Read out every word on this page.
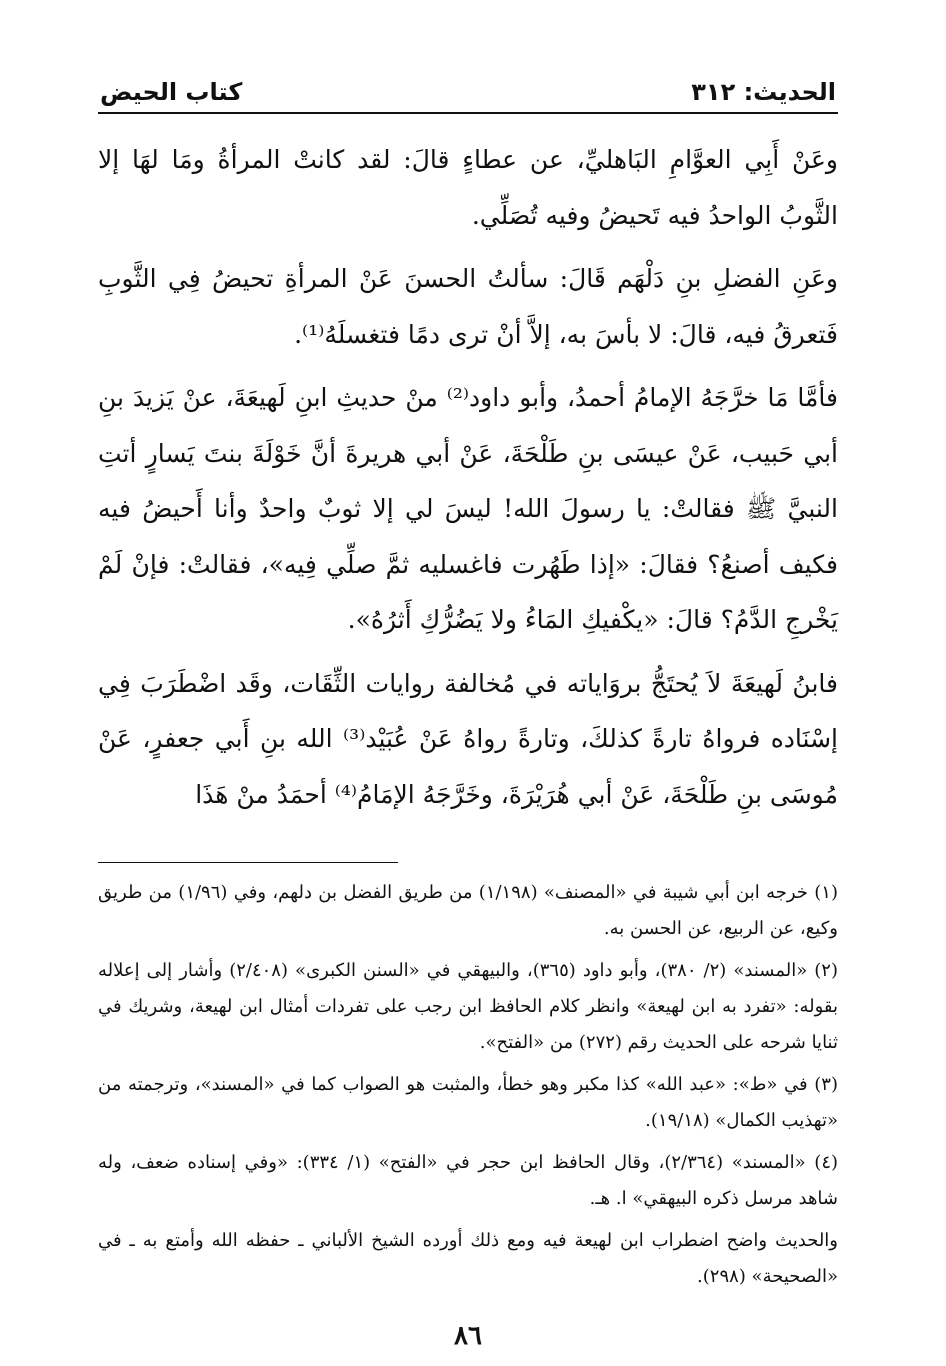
الحديث: ٣١٢
كتاب الحيض

وعَنْ أَبِي العوَّامِ البَاهليِّ، عن عطاءٍ قالَ: لقد كانتْ المرأةُ ومَا لهَا إلا الثَّوبُ الواحدُ فيه تَحيضُ وفيه تُصَلِّي.

وعَنِ الفضلِ بنِ دَلْهَم قَالَ: سألتُ الحسنَ عَنْ المرأةِ تحيضُ فِي الثَّوبِ فَتعرقُ فيه، قالَ: لا بأسَ به، إلاَّ أنْ ترى دمًا فتغسلَهُ⁽¹⁾.

فأمَّا مَا خرَّجَهُ الإمامُ أحمدُ، وأبو داود⁽²⁾ منْ حديثِ ابنِ لَهيعَةَ، عنْ يَزيدَ بنِ أبي حَبيب، عَنْ عيسَى بنِ طَلْحَةَ، عَنْ أبي هريرةَ أنَّ خَوْلَةَ بنتَ يَسارٍ أتتِ النبيَّ ﷺ فقالتْ: يا رسولَ الله! ليسَ لي إلا ثوبٌ واحدٌ وأنا أَحيضُ فيه فكيف أصنعُ؟ فقالَ: «إذا طَهُرت فاغسليه ثمَّ صلِّي فِيه»، فقالتْ: فإنْ لَمْ يَخْرجِ الدَّمُ؟ قالَ: «يكْفيكِ المَاءُ ولا يَضُرُّكِ أَثرُهُ».

فابنُ لَهيعَةَ لاَ يُحتَجُّ بروَاياته في مُخالفة روايات الثِّقَات، وقَد اضْطَرَبَ فِي إسْنَاده فرواهُ تارةً كذلكَ، وتارةً رواهُ عَنْ عُبَيْد⁽³⁾ الله بنِ أَبي جعفرٍ، عَنْ مُوسَى بنِ طَلْحَةَ، عَنْ أبي هُرَيْرَةَ، وخَرَّجَهُ الإمَامُ⁽⁴⁾ أحمَدُ منْ هَذَا

(١) خرجه ابن أبي شيبة في «المصنف» (١/١٩٨) من طريق الفضل بن دلهم، وفي (١/٩٦) من طريق وكيع، عن الربيع، عن الحسن به.

(٢) «المسند» (٢/ ٣٨٠)، وأبو داود (٣٦٥)، والبيهقي في «السنن الكبرى» (٢/٤٠٨) وأشار إلى إعلاله بقوله: «تفرد به ابن لهيعة» وانظر كلام الحافظ ابن رجب على تفردات أمثال ابن لهيعة، وشريك في ثنايا شرحه على الحديث رقم (٢٧٢) من «الفتح».

(٣) في «ط»: «عبد الله» كذا مكبر وهو خطأ، والمثبت هو الصواب كما في «المسند»، وترجمته من «تهذيب الكمال» (١٩/١٨).

(٤) «المسند» (٢/٣٦٤)، وقال الحافظ ابن حجر في «الفتح» (١/ ٣٣٤): «وفي إسناده ضعف، وله شاهد مرسل ذكره البيهقي» ا. هـ.

والحديث واضح اضطراب ابن لهيعة فيه ومع ذلك أورده الشيخ الألباني ـ حفظه الله وأمتع به ـ في «الصحيحة» (٢٩٨).

٨٦
